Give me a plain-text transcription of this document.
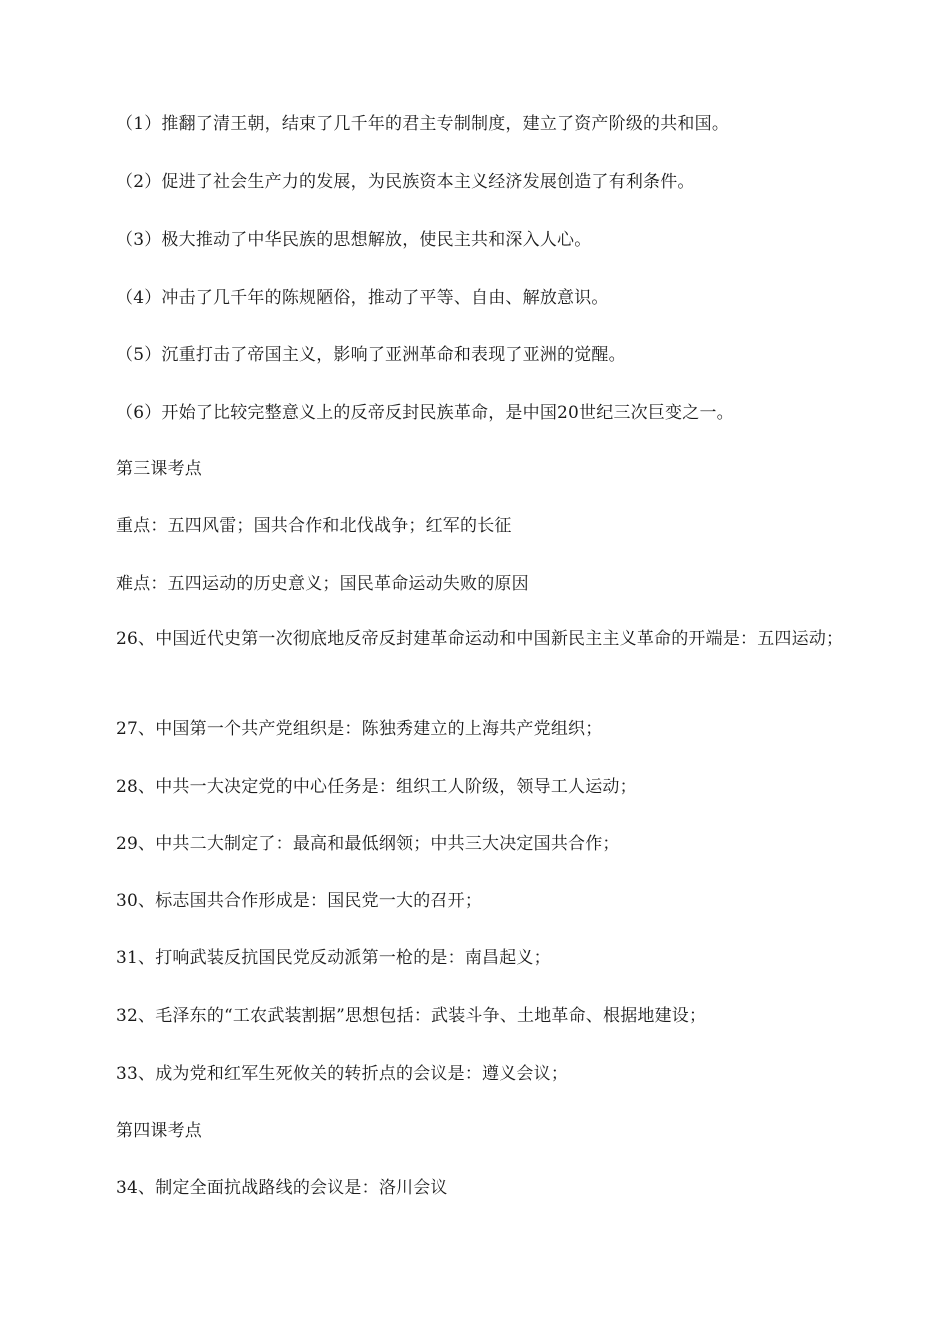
（1）推翻了清王朝，结束了几千年的君主专制制度，建立了资产阶级的共和国。
（2）促进了社会生产力的发展，为民族资本主义经济发展创造了有利条件。
（3）极大推动了中华民族的思想解放，使民主共和深入人心。
（4）冲击了几千年的陈规陋俗，推动了平等、自由、解放意识。
（5）沉重打击了帝国主义，影响了亚洲革命和表现了亚洲的觉醒。
（6）开始了比较完整意义上的反帝反封民族革命，是中国20世纪三次巨变之一。
第三课考点
重点：五四风雷；国共合作和北伐战争；红军的长征
难点：五四运动的历史意义；国民革命运动失败的原因
26、中国近代史第一次彻底地反帝反封建革命运动和中国新民主主义革命的开端是：五四运动；
27、中国第一个共产党组织是：陈独秀建立的上海共产党组织；
28、中共一大决定党的中心任务是：组织工人阶级，领导工人运动；
29、中共二大制定了：最高和最低纲领；中共三大决定国共合作；
30、标志国共合作形成是：国民党一大的召开；
31、打响武装反抗国民党反动派第一枪的是：南昌起义；
32、毛泽东的“工农武装割据”思想包括：武装斗争、土地革命、根据地建设；
33、成为党和红军生死攸关的转折点的会议是：遵义会议；
第四课考点
34、制定全面抗战路线的会议是：洛川会议
